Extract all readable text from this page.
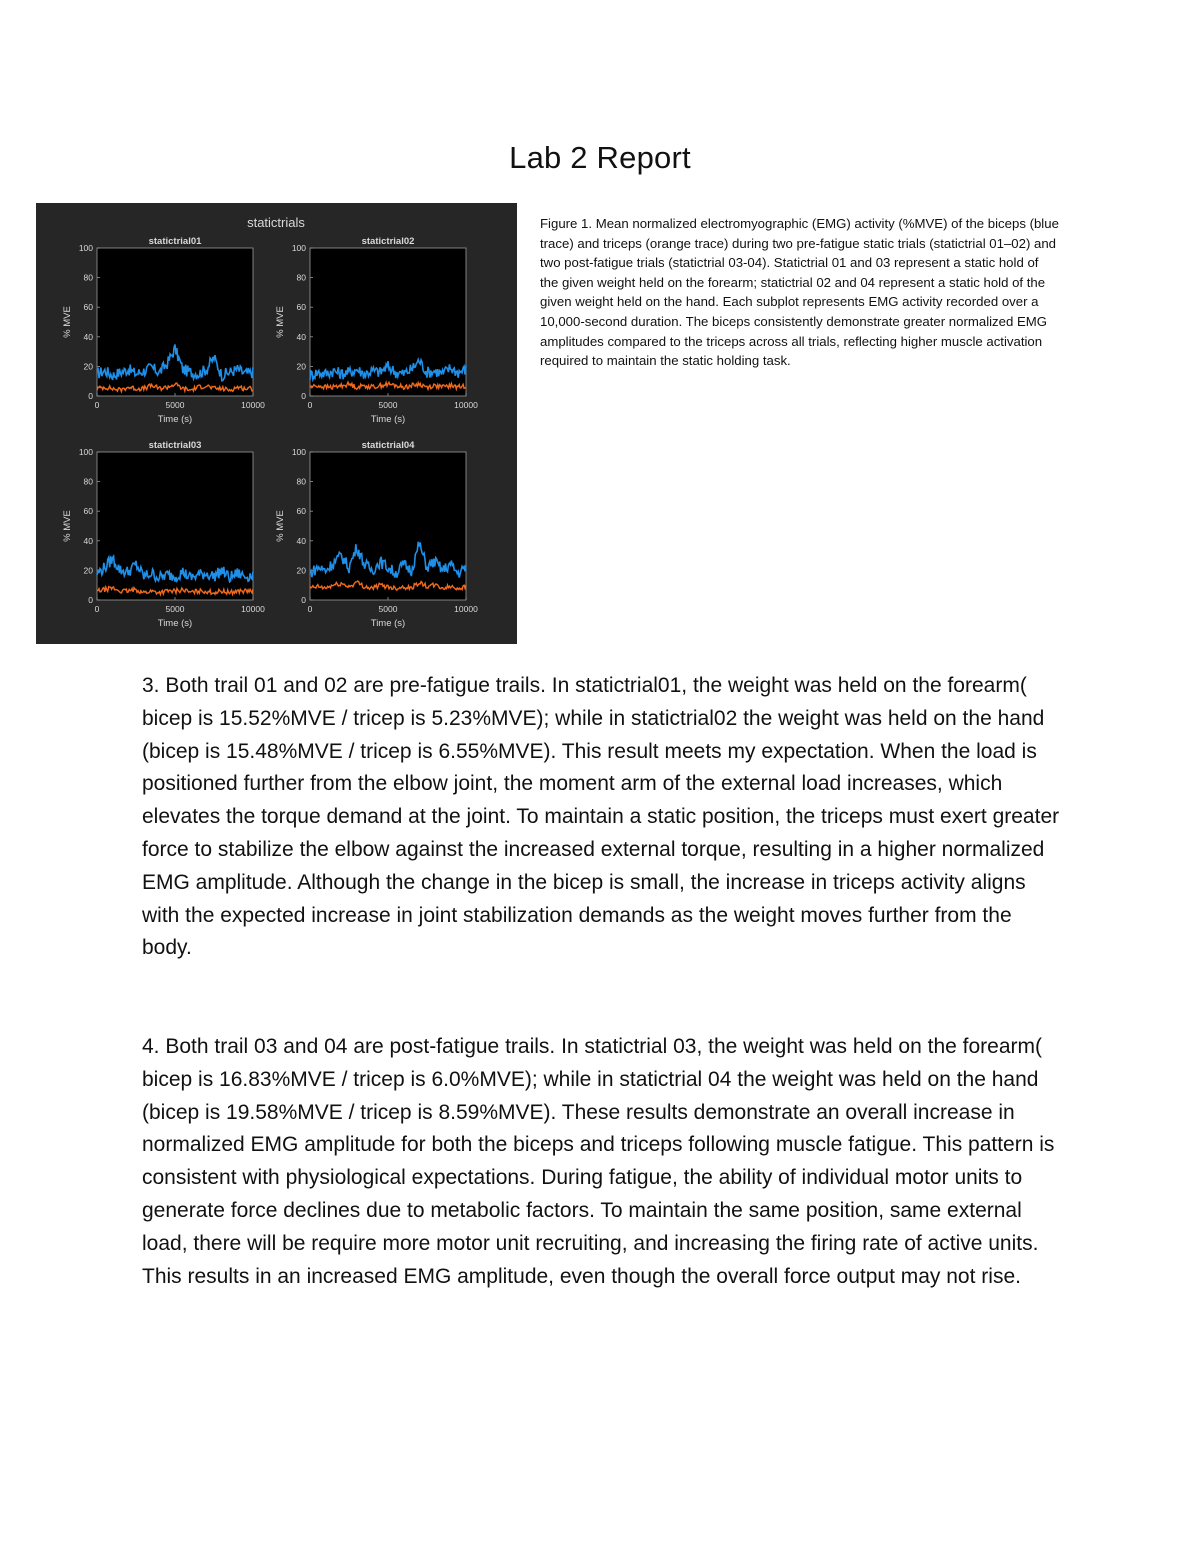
Lab 2 Report
statictrials
statictrial01
0
20
40
60
80
100
0	5000	10000
Time (s)
% MVE
statictrial02
0
20
40
60
80
100
0	5000	10000
Time (s)
% MVE
statictrial03
0
20
40
60
80
100
0	5000	10000
Time (s)
% MVE
statictrial04
0
20
40
60
80
100
0	5000	10000
Time (s)
% MVE
Figure 1. Mean normalized electromyographic (EMG) activity (%MVE) of the biceps (blue trace) and triceps (orange trace) during two pre-fatigue static trials (statictrial 01–02) and two post-fatigue trials (statictrial 03-04). Statictrial 01 and 03 represent a static hold of the given weight held on the forearm; statictrial 02 and 04 represent a static hold of the given weight held on the hand. Each subplot represents EMG activity recorded over a 10,000-second duration. The biceps consistently demonstrate greater normalized EMG amplitudes compared to the triceps across all trials, reflecting higher muscle activation required to maintain the static holding task.
3. Both trail 01 and 02 are pre-fatigue trails. In statictrial01, the weight was held on the forearm( bicep is 15.52%MVE / tricep is 5.23%MVE); while in statictrial02 the weight was held on the hand (bicep is 15.48%MVE / tricep is 6.55%MVE). This result meets my expectation. When the load is positioned further from the elbow joint, the moment arm of the external load increases, which elevates the torque demand at the joint. To maintain a static position, the triceps must exert greater force to stabilize the elbow against the increased external torque, resulting in a higher normalized EMG amplitude. Although the change in the bicep is small, the increase in triceps activity aligns with the expected increase in joint stabilization demands as the weight moves further from the body.
4. Both trail 03 and 04 are post-fatigue trails. In statictrial 03, the weight was held on the forearm( bicep is 16.83%MVE / tricep is 6.0%MVE); while in statictrial 04 the weight was held on the hand (bicep is 19.58%MVE / tricep is 8.59%MVE). These results demonstrate an overall increase in normalized EMG amplitude for both the biceps and triceps following muscle fatigue. This pattern is consistent with physiological expectations. During fatigue, the ability of individual motor units to generate force declines due to metabolic factors. To maintain the same position, same external load, there will be require more motor unit recruiting, and increasing the firing rate of active units. This results in an increased EMG amplitude, even though the overall force output may not rise.
